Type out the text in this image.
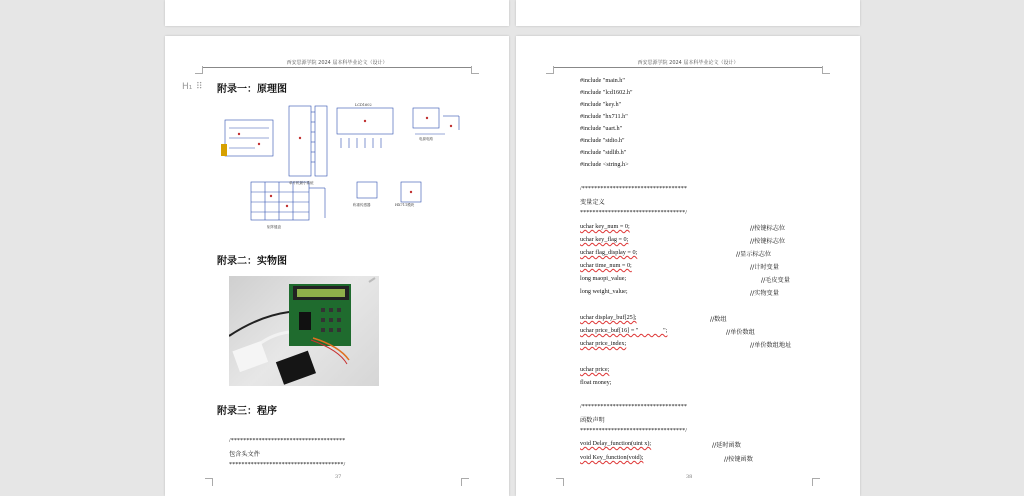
西安思源学院 2024 届本科毕业论文（设计）
H₁ ⠿ 附录一：原理图
LCD1602
单片机最小系统
矩阵键盘
称重传感器	HX711模块
电源电路
附录二：实物图
附录三：程序
/*************************************
包含头文件
*************************************/
37
西安思源学院 2024 届本科毕业论文（设计）
#include "main.h"
#include "lcd1602.h"
#include "key.h"
#include "hx711.h"
#include "uart.h"
#include "stdio.h"
#include "stdlib.h"
#include <string.h>
/**********************************
变量定义
**********************************/
uchar key_num = 0;
uchar key_flag = 0;
uchar flag_display = 0;
uchar time_num = 0;
long maopi_value;
long weight_value;
uchar display_buf[25];
uchar price_buf[16] = "                ";
uchar price_index;
uchar price;
float money;
/**********************************
函数声明
**********************************/
void Delay_function(uint x);
void Key_function(void);
//按键标志位
//按键标志位
//显示标志位
//计时变量
//毛皮变量
//实物变量
//数组
//单价数组
//单价数组地址
//延时函数
//按键函数
38
